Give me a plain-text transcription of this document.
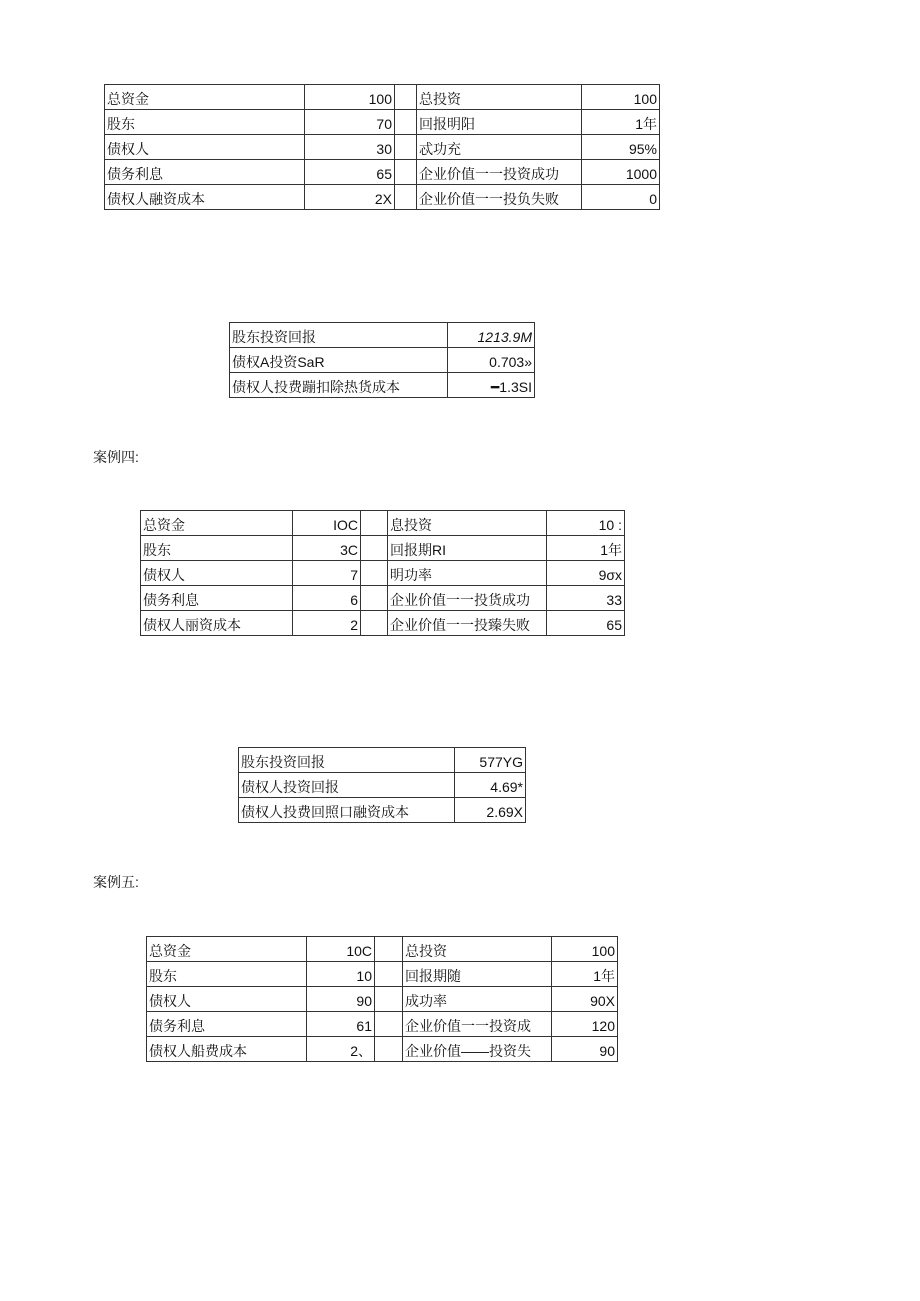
总资金	100		总投资	100
股东	70		回报明阳	1年
债权人	30		忒功充	95%
债务利息	65		企业价值一一投资成功	1000
债权人融资成本	2X		企业价值一一投负失败	0
股东投资回报	1213.9M
债权A投资SaR	0.703»
债权人投费蹦扣除热货成本	━1.3SI
案例四:
总资金	IOC		息投资	10 :
股东	3C		回报期RI	1年
债权人	7		明功率	9σx
债务利息	6		企业价值一一投货成功	33
债权人丽资成本	2		企业价值一一投臻失败	65
股东投资回报	577YG
债权人投资回报	4.69*
债权人投费回照口融资成本	2.69X
案例五:
总资金	10C		总投资	100
股东	10		回报期随	1年
债权人	90		成功率	90X
债务利息	61		企业价值一一投资成	120
债权人船费成本	2、		企业价值——投资失	90
